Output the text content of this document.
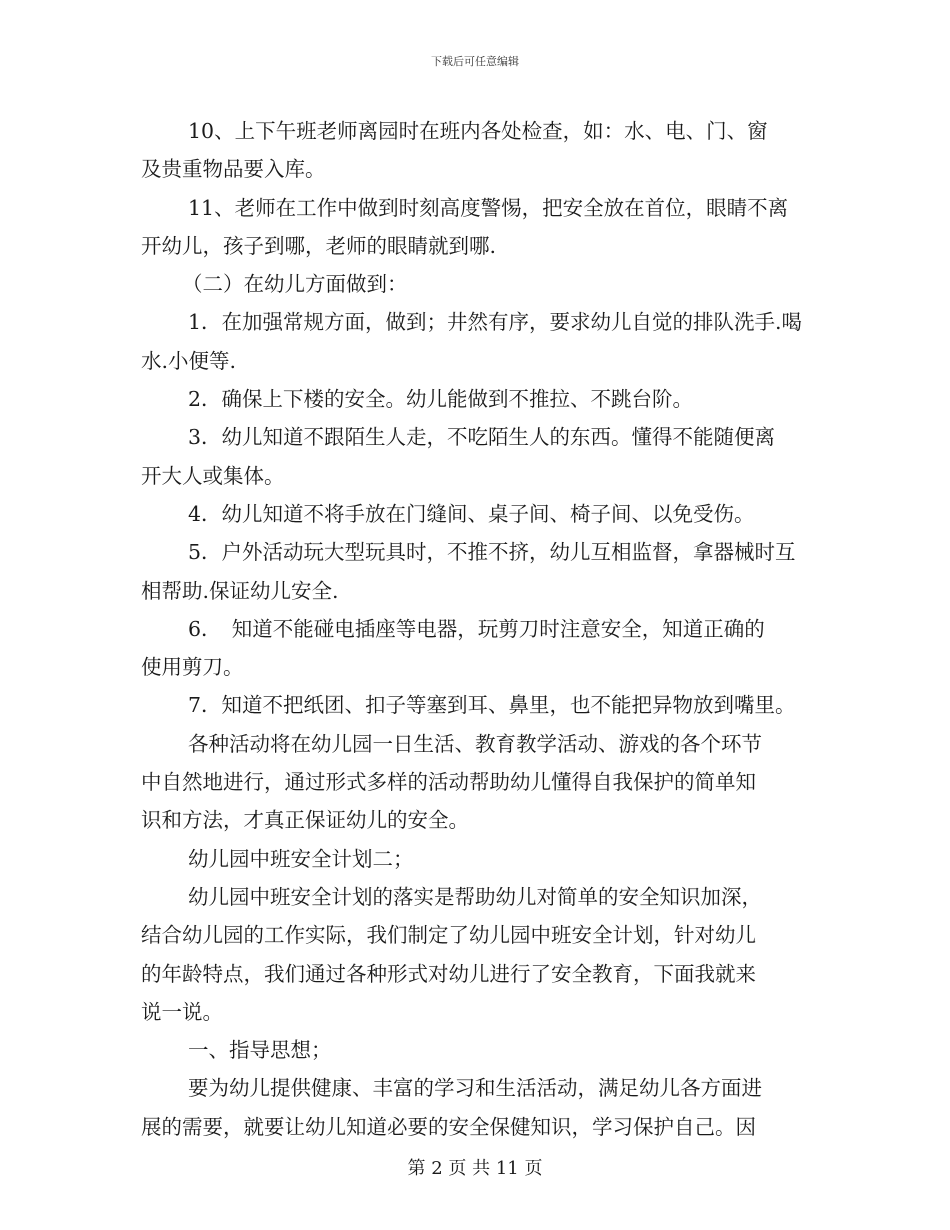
下载后可任意编辑
10、上下午班老师离园时在班内各处检查，如：水、电、门、窗
及贵重物品要入库。
11、老师在工作中做到时刻高度警惕，把安全放在首位，眼睛不离
开幼儿，孩子到哪，老师的眼睛就到哪.
（二）在幼儿方面做到：
1．在加强常规方面，做到；井然有序，要求幼儿自觉的排队洗手.喝
水.小便等.
2．确保上下楼的安全。幼儿能做到不推拉、不跳台阶。
3．幼儿知道不跟陌生人走，不吃陌生人的东西。懂得不能随便离
开大人或集体。
4．幼儿知道不将手放在门缝间、桌子间、椅子间、以免受伤。
5．户外活动玩大型玩具时，不推不挤，幼儿互相监督，拿器械时互
相帮助.保证幼儿安全.
6．　知道不能碰电插座等电器，玩剪刀时注意安全，知道正确的
使用剪刀。
7．知道不把纸团、扣子等塞到耳、鼻里，也不能把异物放到嘴里。
各种活动将在幼儿园一日生活、教育教学活动、游戏的各个环节
中自然地进行，通过形式多样的活动帮助幼儿懂得自我保护的简单知
识和方法，才真正保证幼儿的安全。
幼儿园中班安全计划二；
幼儿园中班安全计划的落实是帮助幼儿对简单的安全知识加深，
结合幼儿园的工作实际，我们制定了幼儿园中班安全计划，针对幼儿
的年龄特点，我们通过各种形式对幼儿进行了安全教育，下面我就来
说一说。
一、指导思想；
要为幼儿提供健康、丰富的学习和生活活动，满足幼儿各方面进
展的需要，就要让幼儿知道必要的安全保健知识，学习保护自己。因
第 2 页 共 11 页
